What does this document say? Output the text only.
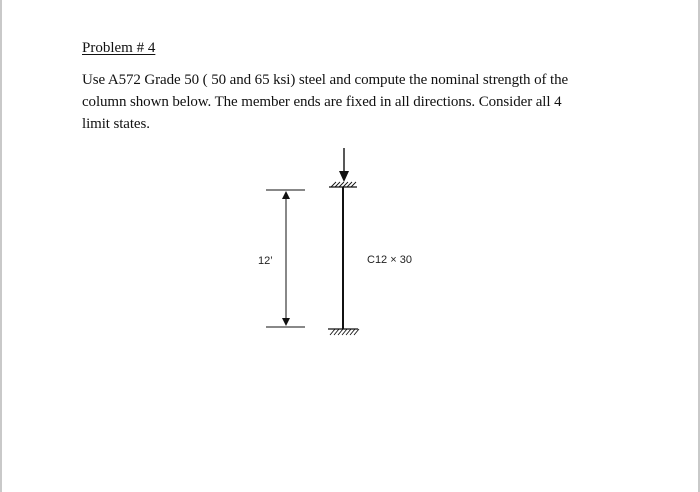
Problem # 4
Use A572 Grade 50 ( 50 and 65 ksi) steel and compute the nominal strength of the
column shown below. The member ends are fixed in all directions. Consider all 4
limit states.
12’	C12 × 30
